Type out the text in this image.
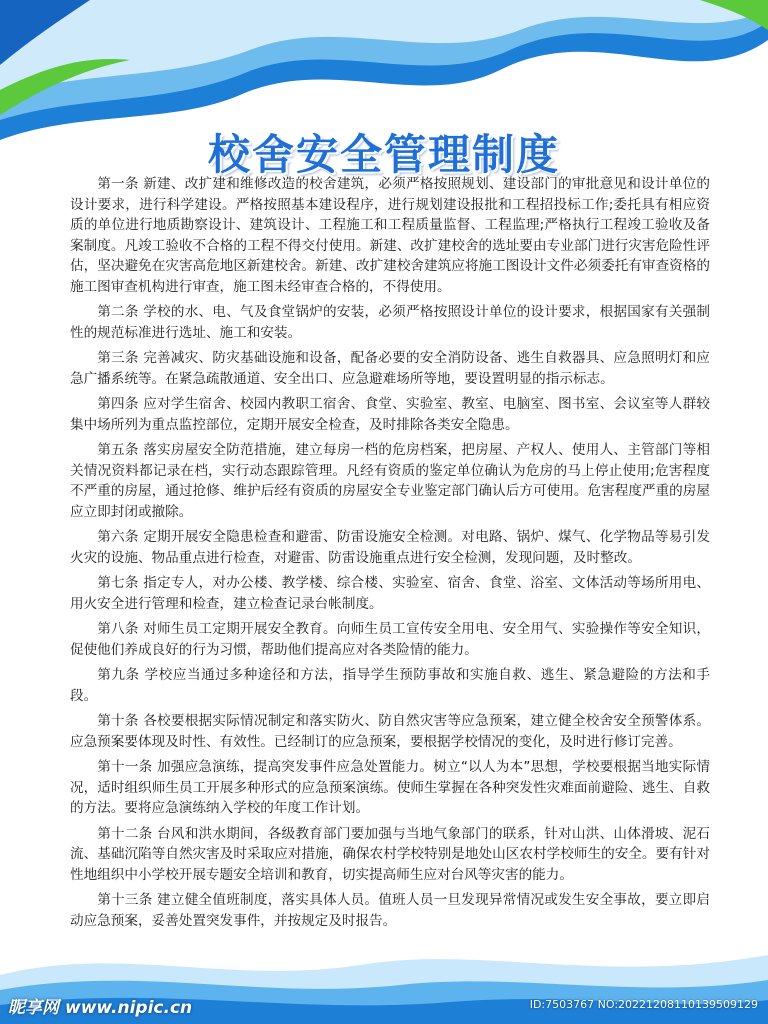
校舍安全管理制度

第一条 新建、改扩建和维修改造的校舍建筑，必须严格按照规划、建设部门的审批意见和设计单位的设计要求，进行科学建设。严格按照基本建设程序，进行规划建设报批和工程招投标工作;委托具有相应资质的单位进行地质勘察设计、建筑设计、工程施工和工程质量监督、工程监理;严格执行工程竣工验收及备案制度。凡竣工验收不合格的工程不得交付使用。新建、改扩建校舍的选址要由专业部门进行灾害危险性评估，坚决避免在灾害高危地区新建校舍。新建、改扩建校舍建筑应将施工图设计文件必须委托有审查资格的施工图审查机构进行审查，施工图未经审查合格的，不得使用。

第二条 学校的水、电、气及食堂锅炉的安装，必须严格按照设计单位的设计要求，根据国家有关强制性的规范标准进行选址、施工和安装。

第三条 完善减灾、防灾基础设施和设备，配备必要的安全消防设备、逃生自救器具、应急照明灯和应急广播系统等。在紧急疏散通道、安全出口、应急避难场所等地，要设置明显的指示标志。

第四条 应对学生宿舍、校园内教职工宿舍、食堂、实验室、教室、电脑室、图书室、会议室等人群较集中场所列为重点监控部位，定期开展安全检查，及时排除各类安全隐患。

第五条 落实房屋安全防范措施，建立每房一档的危房档案，把房屋、产权人、使用人、主管部门等相关情况资料都记录在档，实行动态跟踪管理。凡经有资质的鉴定单位确认为危房的马上停止使用;危害程度不严重的房屋，通过抢修、维护后经有资质的房屋安全专业鉴定部门确认后方可使用。危害程度严重的房屋应立即封闭或撤除。

第六条 定期开展安全隐患检查和避雷、防雷设施安全检测。对电路、锅炉、煤气、化学物品等易引发火灾的设施、物品重点进行检查，对避雷、防雷设施重点进行安全检测，发现问题，及时整改。

第七条 指定专人，对办公楼、教学楼、综合楼、实验室、宿舍、食堂、浴室、文体活动等场所用电、用火安全进行管理和检查，建立检查记录台帐制度。

第八条 对师生员工定期开展安全教育。向师生员工宣传安全用电、安全用气、实验操作等安全知识，促使他们养成良好的行为习惯，帮助他们提高应对各类险情的能力。

第九条 学校应当通过多种途径和方法，指导学生预防事故和实施自救、逃生、紧急避险的方法和手段。

第十条 各校要根据实际情况制定和落实防火、防自然灾害等应急预案，建立健全校舍安全预警体系。应急预案要体现及时性、有效性。已经制订的应急预案，要根据学校情况的变化，及时进行修订完善。

第十一条 加强应急演练，提高突发事件应急处置能力。树立“以人为本”思想，学校要根据当地实际情况，适时组织师生员工开展多种形式的应急预案演练。使师生掌握在各种突发性灾难面前避险、逃生、自救的方法。要将应急演练纳入学校的年度工作计划。

第十二条 台风和洪水期间，各级教育部门要加强与当地气象部门的联系，针对山洪、山体滑坡、泥石流、基础沉陷等自然灾害及时采取应对措施，确保农村学校特别是地处山区农村学校师生的安全。要有针对性地组织中小学校开展专题安全培训和教育，切实提高师生应对台风等灾害的能力。

第十三条 建立健全值班制度，落实具体人员。值班人员一旦发现异常情况或发生安全事故，要立即启动应急预案，妥善处置突发事件，并按规定及时报告。

昵享网 www.nipic.cn	ID:7503767 NO:20221208110139509129
